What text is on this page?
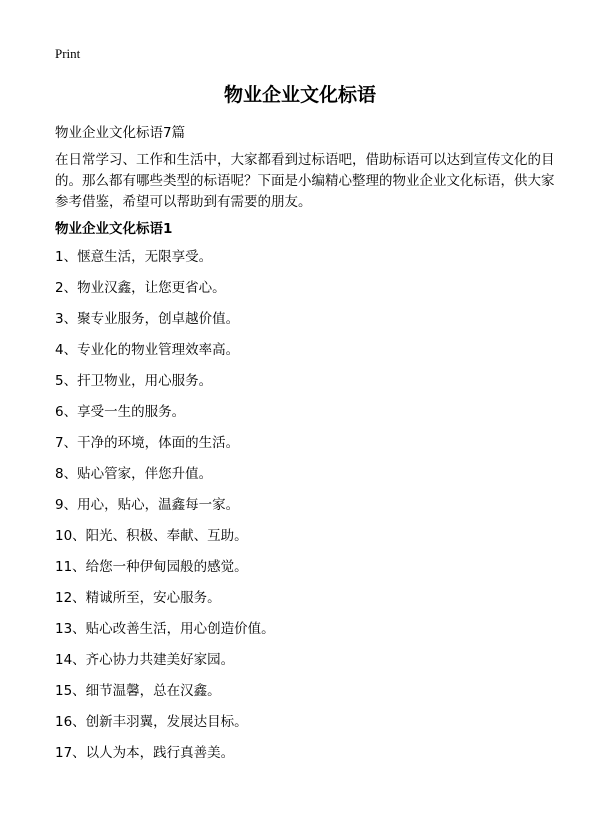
Print
物业企业文化标语
物业企业文化标语7篇

在日常学习、工作和生活中，大家都看到过标语吧，借助标语可以达到宣传文化的目的。那么都有哪些类型的标语呢？下面是小编精心整理的物业企业文化标语，供大家参考借鉴，希望可以帮助到有需要的朋友。

物业企业文化标语1
1、惬意生活，无限享受。
2、物业汉鑫，让您更省心。
3、聚专业服务，创卓越价值。
4、专业化的物业管理效率高。
5、扞卫物业，用心服务。
6、享受一生的服务。
7、干净的环境，体面的生活。
8、贴心管家，伴您升值。
9、用心，贴心，温鑫每一家。
10、阳光、积极、奉献、互助。
11、给您一种伊甸园般的感觉。
12、精诚所至，安心服务。
13、贴心改善生活，用心创造价值。
14、齐心协力共建美好家园。
15、细节温馨，总在汉鑫。
16、创新丰羽翼，发展达目标。
17、以人为本，践行真善美。
